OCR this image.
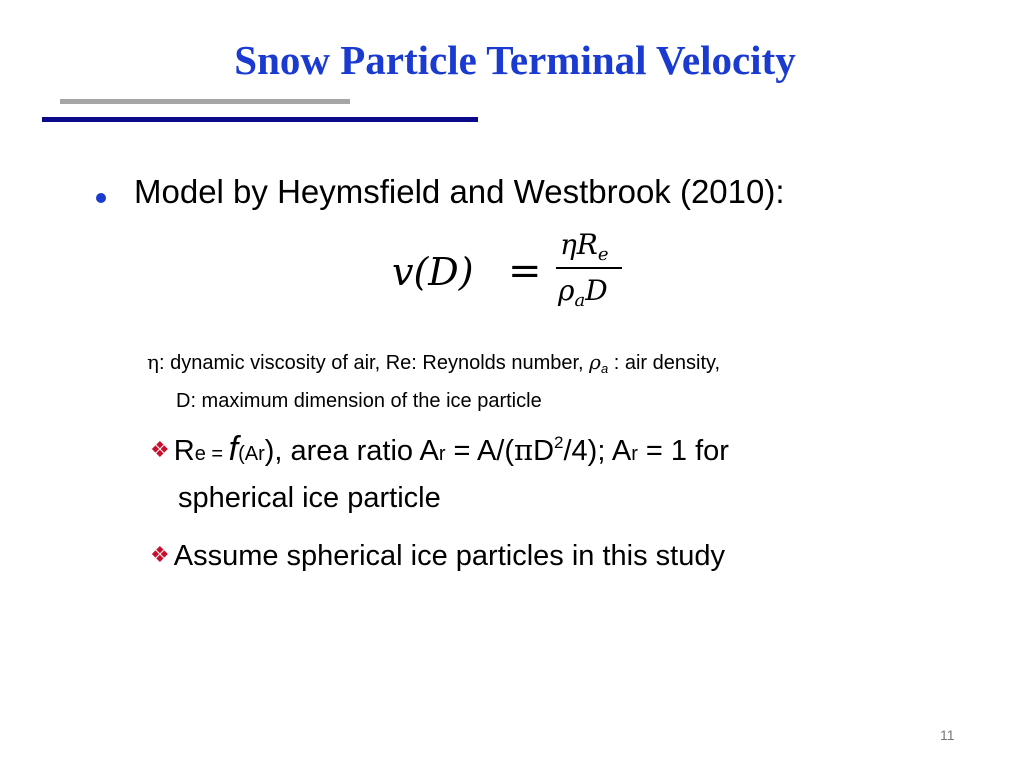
Snow Particle Terminal Velocity
Model by Heymsfield and Westbrook (2010):
v(D) =
$\eta R_e$
$\rho_aD$
η: dynamic viscosity of air, Re: Reynolds number, $\rho_a$ : air density,
D: maximum dimension of the ice particle
❖ Re = f(Ar), area ratio $Ar = A/(\pi D^2/4)$; Ar = 1 for
spherical ice particle
❖ Assume spherical ice particles in this study
11
